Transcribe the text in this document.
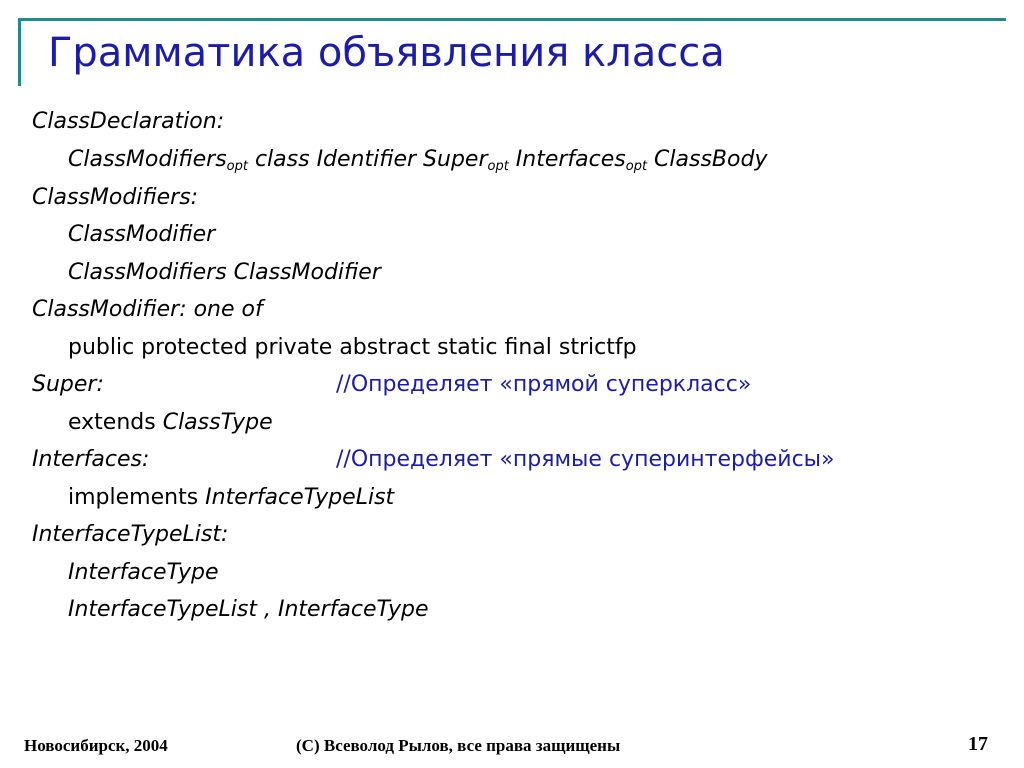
Грамматика объявления класса
ClassDeclaration:
ClassModifiers$_{opt}$ class Identifier Super$_{opt}$ Interfaces$_{opt}$ ClassBody
ClassModifiers:
ClassModifier
ClassModifiers ClassModifier
ClassModifier: one of
public protected private abstract static final strictfp
Super:	//Определяет «прямой суперкласс»
extends ClassType
Interfaces:	//Определяет «прямые суперинтерфейсы»
implements InterfaceTypeList
InterfaceTypeList:
InterfaceType
InterfaceTypeList , InterfaceType
Новосибирск, 2004	(С) Всеволод Рылов, все права защищены	17
